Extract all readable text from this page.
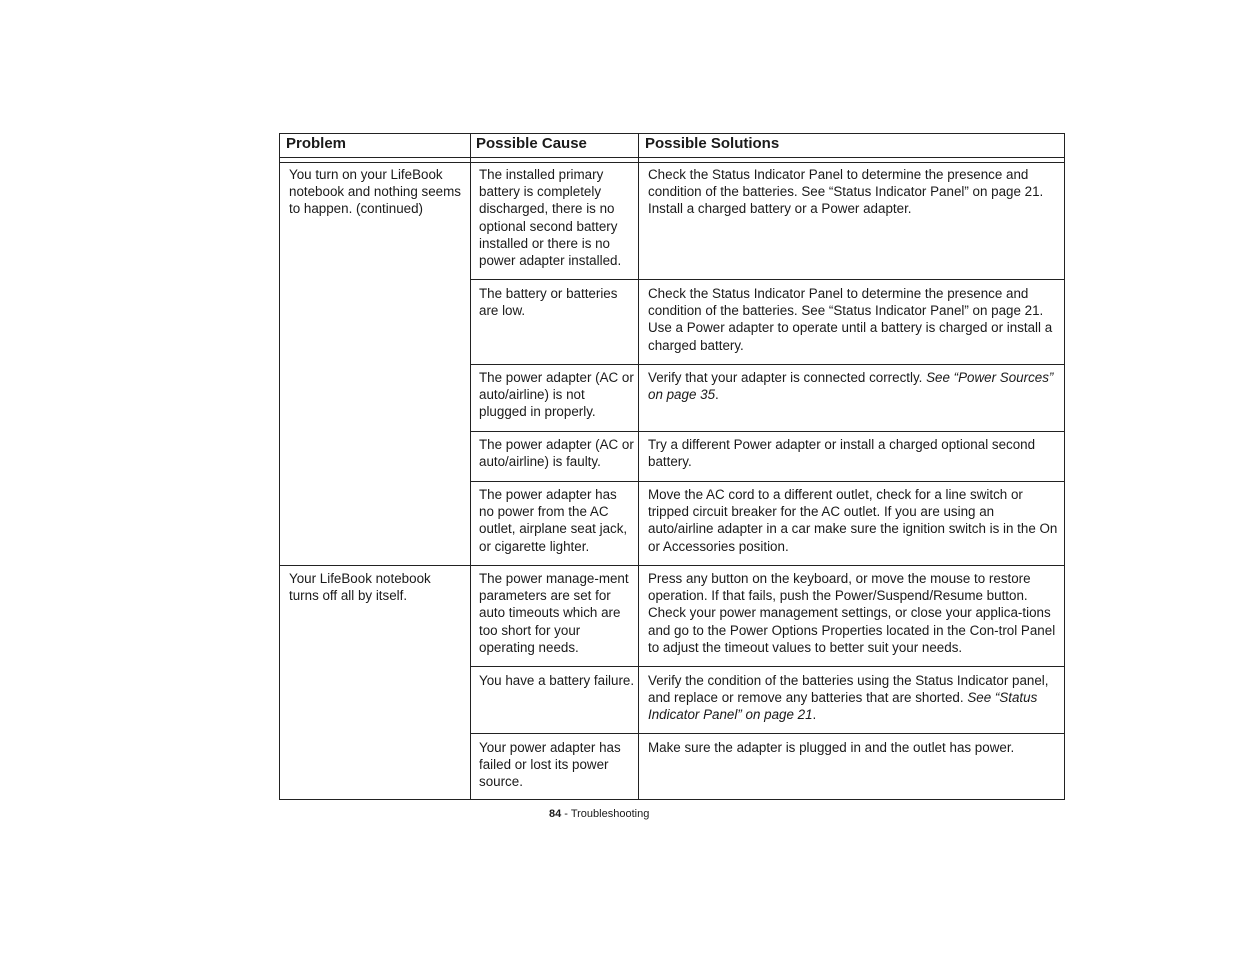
Problem	Possible Cause	Possible Solutions

You turn on your LifeBook notebook and nothing seems to happen. (continued)

The installed primary battery is completely discharged, there is no optional second battery installed or there is no power adapter installed.

Check the Status Indicator Panel to determine the presence and condition of the batteries. See “Status Indicator Panel” on page 21. Install a charged battery or a Power adapter.

The battery or batteries are low.

Check the Status Indicator Panel to determine the presence and condition of the batteries. See “Status Indicator Panel” on page 21. Use a Power adapter to operate until a battery is charged or install a charged battery.

The power adapter (AC or auto/airline) is not plugged in properly.

Verify that your adapter is connected correctly. See “Power Sources” on page 35.

The power adapter (AC or auto/airline) is faulty.

Try a different Power adapter or install a charged optional second battery.

The power adapter has no power from the AC outlet, airplane seat jack, or cigarette lighter.

Move the AC cord to a different outlet, check for a line switch or tripped circuit breaker for the AC outlet. If you are using an auto/airline adapter in a car make sure the ignition switch is in the On or Accessories position.

Your LifeBook notebook turns off all by itself.

The power manage-ment parameters are set for auto timeouts which are too short for your operating needs.

Press any button on the keyboard, or move the mouse to restore operation. If that fails, push the Power/Suspend/Resume button. Check your power management settings, or close your applica-tions and go to the Power Options Properties located in the Con-trol Panel to adjust the timeout values to better suit your needs.

You have a battery failure. Verify the condition of the batteries using the Status Indicator panel, and replace or remove any batteries that are shorted. See “Status Indicator Panel” on page 21.

Your power adapter has failed or lost its power source.

Make sure the adapter is plugged in and the outlet has power.

84 - Troubleshooting
